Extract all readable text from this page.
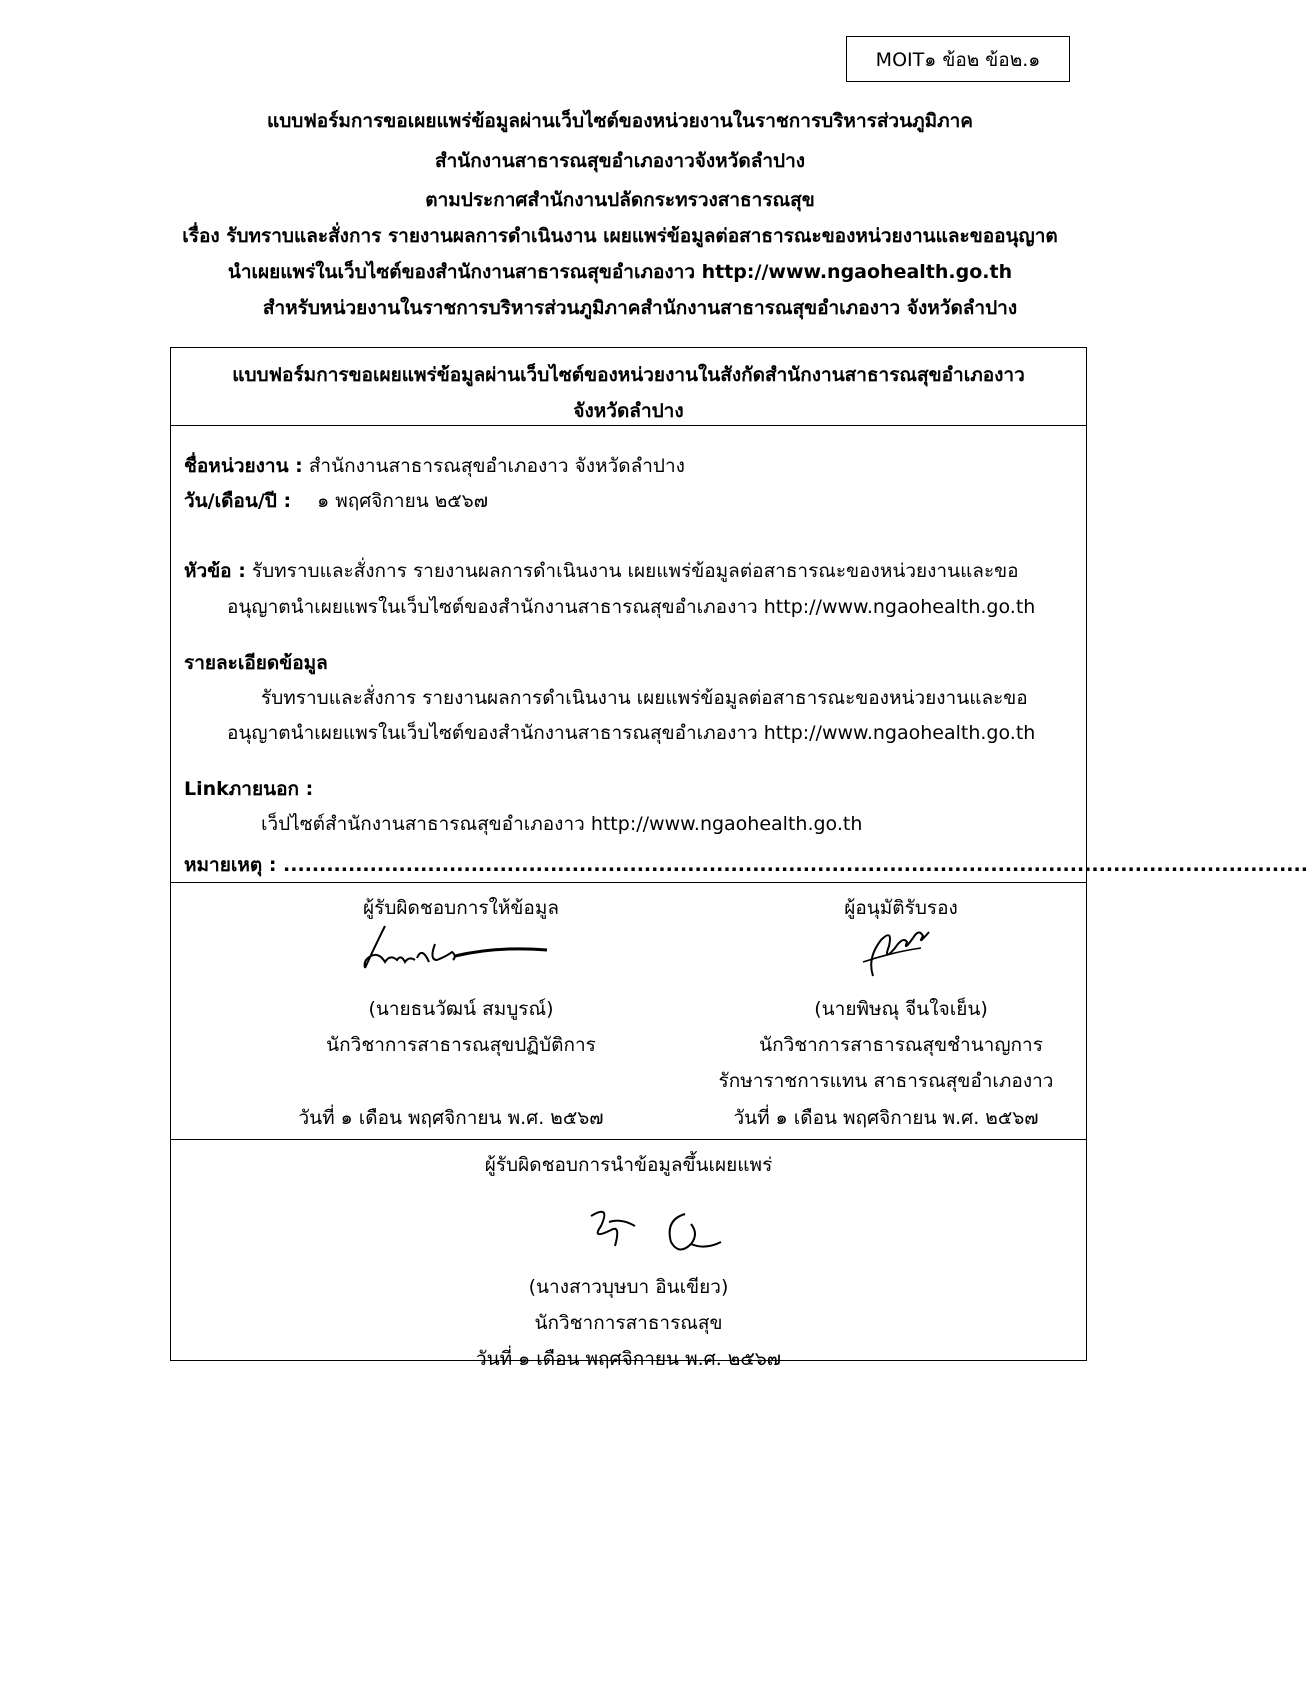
MOIT๑ ข้อ๒ ข้อ๒.๑
แบบฟอร์มการขอเผยแพร่ข้อมูลผ่านเว็บไซต์ของหน่วยงานในราชการบริหารส่วนภูมิภาค
สำนักงานสาธารณสุขอำเภองาวจังหวัดลำปาง
ตามประกาศสำนักงานปลัดกระทรวงสาธารณสุข
เรื่อง รับทราบและสั่งการ รายงานผลการดำเนินงาน เผยแพร่ข้อมูลต่อสาธารณะของหน่วยงานและขออนุญาต
นำเผยแพร่ในเว็บไซต์ของสำนักงานสาธารณสุขอำเภองาว http://www.ngaohealth.go.th
สำหรับหน่วยงานในราชการบริหารส่วนภูมิภาคสำนักงานสาธารณสุขอำเภองาว จังหวัดลำปาง
แบบฟอร์มการขอเผยแพร่ข้อมูลผ่านเว็บไซต์ของหน่วยงานในสังกัดสำนักงานสาธารณสุขอำเภองาว
จังหวัดลำปาง
ชื่อหน่วยงาน : สำนักงานสาธารณสุขอำเภองาว จังหวัดลำปาง
วัน/เดือน/ปี : ๑ พฤศจิกายน ๒๕๖๗
หัวข้อ : รับทราบและสั่งการ รายงานผลการดำเนินงาน เผยแพร่ข้อมูลต่อสาธารณะของหน่วยงานและขอ
อนุญาตนำเผยแพรในเว็บไซต์ของสำนักงานสาธารณสุขอำเภองาว http://www.ngaohealth.go.th
รายละเอียดข้อมูล
รับทราบและสั่งการ รายงานผลการดำเนินงาน เผยแพร่ข้อมูลต่อสาธารณะของหน่วยงานและขอ
อนุญาตนำเผยแพรในเว็บไซต์ของสำนักงานสาธารณสุขอำเภองาว http://www.ngaohealth.go.th
Linkภายนอก :
เว็ปไซต์สำนักงานสาธารณสุขอำเภองาว http://www.ngaohealth.go.th
หมายเหตุ : ..............................................................................................................................................
ผู้รับผิดชอบการให้ข้อมูล
(นายธนวัฒน์ สมบูรณ์)
นักวิชาการสาธารณสุขปฏิบัติการ
วันที่ ๑ เดือน พฤศจิกายน พ.ศ. ๒๕๖๗
ผู้อนุมัติรับรอง
(นายพิษณุ จีนใจเย็น)
นักวิชาการสาธารณสุขชำนาญการ
รักษาราชการแทน สาธารณสุขอำเภองาว
วันที่ ๑ เดือน พฤศจิกายน พ.ศ. ๒๕๖๗
ผู้รับผิดชอบการนำข้อมูลขึ้นเผยแพร่
(นางสาวบุษบา อินเขียว)
นักวิชาการสาธารณสุข
วันที่ ๑ เดือน พฤศจิกายน พ.ศ. ๒๕๖๗
